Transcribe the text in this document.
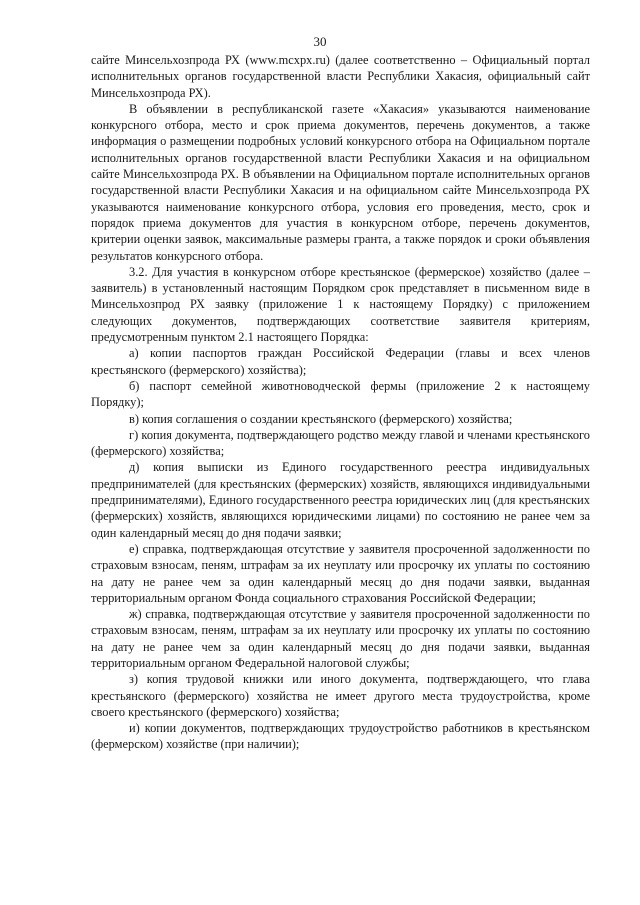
30

сайте Минсельхозпрода РХ (www.mcxpx.ru) (далее соответственно – Официальный портал исполнительных органов государственной власти Республики Хакасия, официальный сайт Минсельхозпрода РХ).

В объявлении в республиканской газете «Хакасия» указываются наименование конкурсного отбора, место и срок приема документов, перечень документов, а также информация о размещении подробных условий конкурсного отбора на Официальном портале исполнительных органов государственной власти Республики Хакасия и на официальном сайте Минсельхозпрода РХ. В объявлении на Официальном портале исполнительных органов государственной власти Республики Хакасия и на официальном сайте Минсельхозпрода РХ указываются наименование конкурсного отбора, условия его проведения, место, срок и порядок приема документов для участия в конкурсном отборе, перечень документов, критерии оценки заявок, максимальные размеры гранта, а также порядок и сроки объявления результатов конкурсного отбора.

3.2. Для участия в конкурсном отборе крестьянское (фермерское) хозяйство (далее – заявитель) в установленный настоящим Порядком срок представляет в письменном виде в Минсельхозпрод РХ заявку (приложение 1 к настоящему Порядку) с приложением следующих документов, подтверждающих соответствие заявителя критериям, предусмотренным пунктом 2.1 настоящего Порядка:

а) копии паспортов граждан Российской Федерации (главы и всех членов крестьянского (фермерского) хозяйства);

б) паспорт семейной животноводческой фермы (приложение 2 к настоящему Порядку);

в) копия соглашения о создании крестьянского (фермерского) хозяйства;

г) копия документа, подтверждающего родство между главой и членами крестьянского (фермерского) хозяйства;

д) копия выписки из Единого государственного реестра индивидуальных предпринимателей (для крестьянских (фермерских) хозяйств, являющихся индивидуальными предпринимателями), Единого государственного реестра юридических лиц (для крестьянских (фермерских) хозяйств, являющихся юридическими лицами) по состоянию не ранее чем за один календарный месяц до дня подачи заявки;

е) справка, подтверждающая отсутствие у заявителя просроченной задолженности по страховым взносам, пеням, штрафам за их неуплату или просрочку их уплаты по состоянию на дату не ранее чем за один календарный месяц до дня подачи заявки, выданная территориальным органом Фонда социального страхования Российской Федерации;

ж) справка, подтверждающая отсутствие у заявителя просроченной задолженности по страховым взносам, пеням, штрафам за их неуплату или просрочку их уплаты по состоянию на дату не ранее чем за один календарный месяц до дня подачи заявки, выданная территориальным органом Федеральной налоговой службы;

з) копия трудовой книжки или иного документа, подтверждающего, что глава крестьянского (фермерского) хозяйства не имеет другого места трудоустройства, кроме своего крестьянского (фермерского) хозяйства;

и) копии документов, подтверждающих трудоустройство работников в крестьянском (фермерском) хозяйстве (при наличии);
